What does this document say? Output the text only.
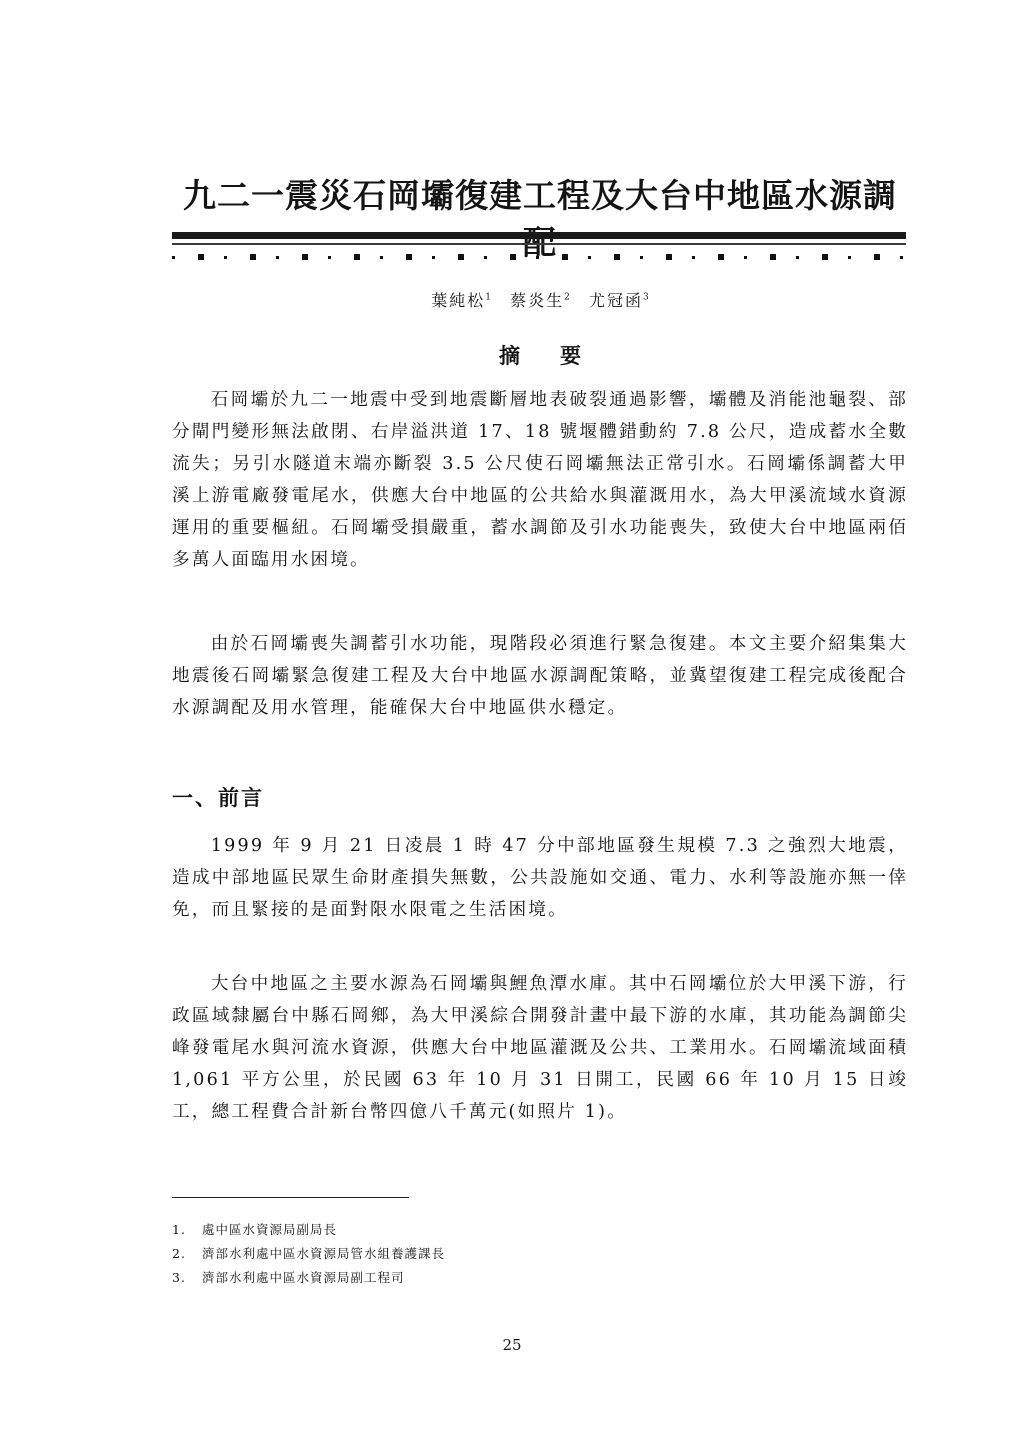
九二一震災石岡壩復建工程及大台中地區水源調
葉純松$^1$ 蔡炎生$^2$ 尤冠函$^3$
摘要

石岡壩於九二一地震中受到地震斷層地表破裂通過影響，壩體及消能池龜裂、部分閘門變形無法啟閉、右岸溢洪道 17、18 號堰體錯動約 7.8 公尺，造成蓄水全數流失；另引水隧道末端亦斷裂 3.5 公尺使石岡壩無法正常引水。石岡壩係調蓄大甲溪上游電廠發電尾水，供應大台中地區的公共給水與灌溉用水，為大甲溪流域水資源運用的重要樞紐。石岡壩受損嚴重，蓄水調節及引水功能喪失，致使大台中地區兩佰多萬人面臨用水困境。

由於石岡壩喪失調蓄引水功能，現階段必須進行緊急復建。本文主要介紹集集大地震後石岡壩緊急復建工程及大台中地區水源調配策略，並冀望復建工程完成後配合水源調配及用水管理，能確保大台中地區供水穩定。

一、前言

1999 年 9 月 21 日凌晨 1 時 47 分中部地區發生規模 7.3 之強烈大地震，造成中部地區民眾生命財產損失無數，公共設施如交通、電力、水利等設施亦無一倖免，而且緊接的是面對限水限電之生活困境。

大台中地區之主要水源為石岡壩與鯉魚潭水庫。其中石岡壩位於大甲溪下游，行政區域隸屬台中縣石岡鄉，為大甲溪綜合開發計畫中最下游的水庫，其功能為調節尖峰發電尾水與河流水資源，供應大台中地區灌溉及公共、工業用水。石岡壩流域面積 1,061 平方公里，於民國 63 年 10 月 31 日開工，民國 66 年 10 月 15 日竣工，總工程費合計新台幣四億八千萬元(如照片 1)。

1. 處中區水資源局副局長
2. 濟部水利處中區水資源局管水組養護課長
3. 濟部水利處中區水資源局副工程司
25
